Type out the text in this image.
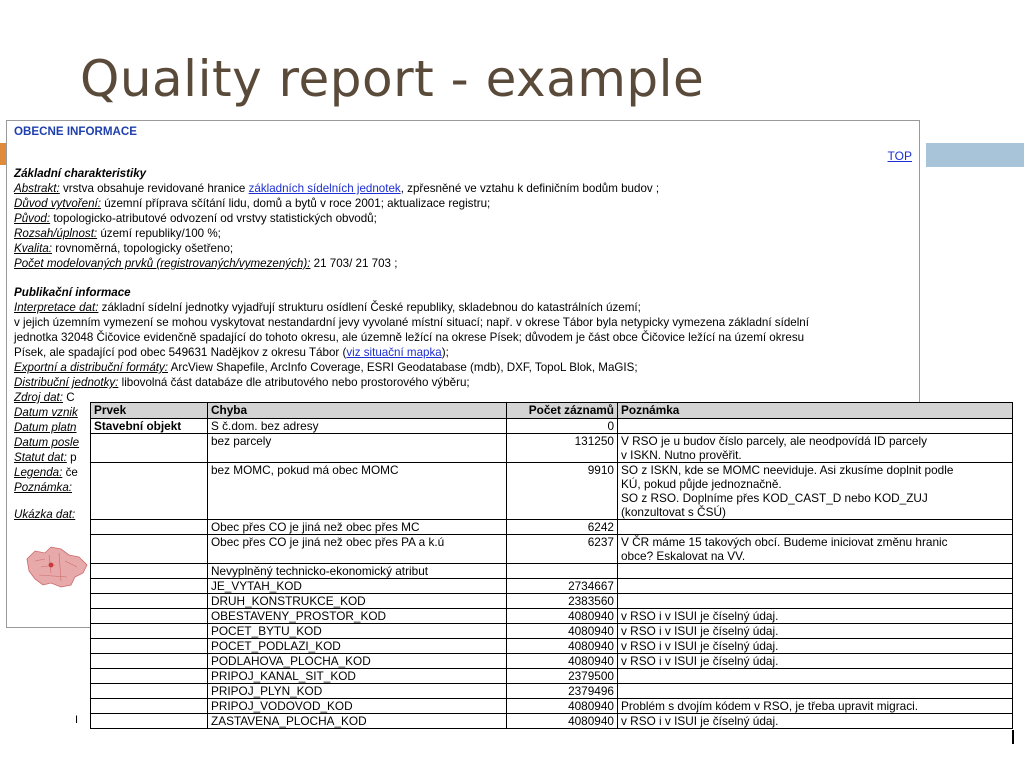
Quality report - example
OBECNE INFORMACE
TOP

Základní charakteristiky

Abstrakt: vrstva obsahuje revidované hranice základních sídelních jednotek, zpřesněné ve vztahu k definičním bodům budov ;

Důvod vytvoření: územní příprava sčítání lidu, domů a bytů v roce 2001; aktualizace registru;

Původ: topologicko-atributové odvození od vrstvy statistických obvodů;

Rozsah/úplnost: území republiky/100 %;

Kvalita: rovnoměrná, topologicky ošetřeno;

Počet modelovaných prvků (registrovaných/vymezených): 21 703/ 21 703 ;

Publikační informace

Interpretace dat: základní sídelní jednotky vyjadřují strukturu osídlení České republiky, skladebnou do katastrálních území;

v jejich územním vymezení se mohou vyskytovat nestandardní jevy vyvolané místní situací; např. v okrese Tábor byla netypicky vymezena základní sídelní

jednotka 32048 Čičovice evidenčně spadající do tohoto okresu, ale územně ležící na okrese Písek; důvodem je část obce Čičovice ležící na území okresu

Písek, ale spadající pod obec 549631 Nadějkov z okresu Tábor (viz situační mapka);

Exportní a distribuční formáty: ArcView Shapefile, ArcInfo Coverage, ESRI Geodatabase (mdb), DXF, TopoL Blok, MaGIS;

Distribuční jednotky: libovolná část databáze dle atributového nebo prostorového výběru;

Zdroj dat: C

Datum vznik

Datum platn

Datum posle

Statut dat: p

Legenda: če

Poznámka:

Ukázka dat:

I
Prvek	Chyba	Počet záznamů	Poznámka
Stavební objekt	S č.dom. bez adresy	0	
	bez parcely	131250	V RSO je u budov číslo parcely, ale neodpovídá ID parcely
v ISKN. Nutno prověřit.

	bez MOMC, pokud má obec MOMC	9910	SO z ISKN, kde se MOMC neeviduje. Asi zkusíme doplnit podle
KÚ, pokud půjde jednoznačně.
SO z RSO. Doplníme přes KOD_CAST_D nebo KOD_ZUJ
(konzultovat s ČSÚ)

	Obec přes CO je jiná než obec přes MC	6242	
	Obec přes CO je jiná než obec přes PA a k.ú	6237	V ČR máme 15 takových obcí. Budeme iniciovat změnu hranic
obce? Eskalovat na VV.

	Nevyplněný technicko-ekonomický atribut		
	JE_VYTAH_KOD	2734667	
	DRUH_KONSTRUKCE_KOD	2383560	
	OBESTAVENY_PROSTOR_KOD	4080940	v RSO i v ISUI je číselný údaj.

	POCET_BYTU_KOD	4080940	v RSO i v ISUI je číselný údaj.

	POCET_PODLAZI_KOD	4080940	v RSO i v ISUI je číselný údaj.

	PODLAHOVA_PLOCHA_KOD	4080940	v RSO i v ISUI je číselný údaj.

	PRIPOJ_KANAL_SIT_KOD	2379500	
	PRIPOJ_PLYN_KOD	2379496	
	PRIPOJ_VODOVOD_KOD	4080940	Problém s dvojím kódem v RSO, je třeba upravit migraci.

	ZASTAVENA_PLOCHA_KOD	4080940	v RSO i v ISUI je číselný údaj.
